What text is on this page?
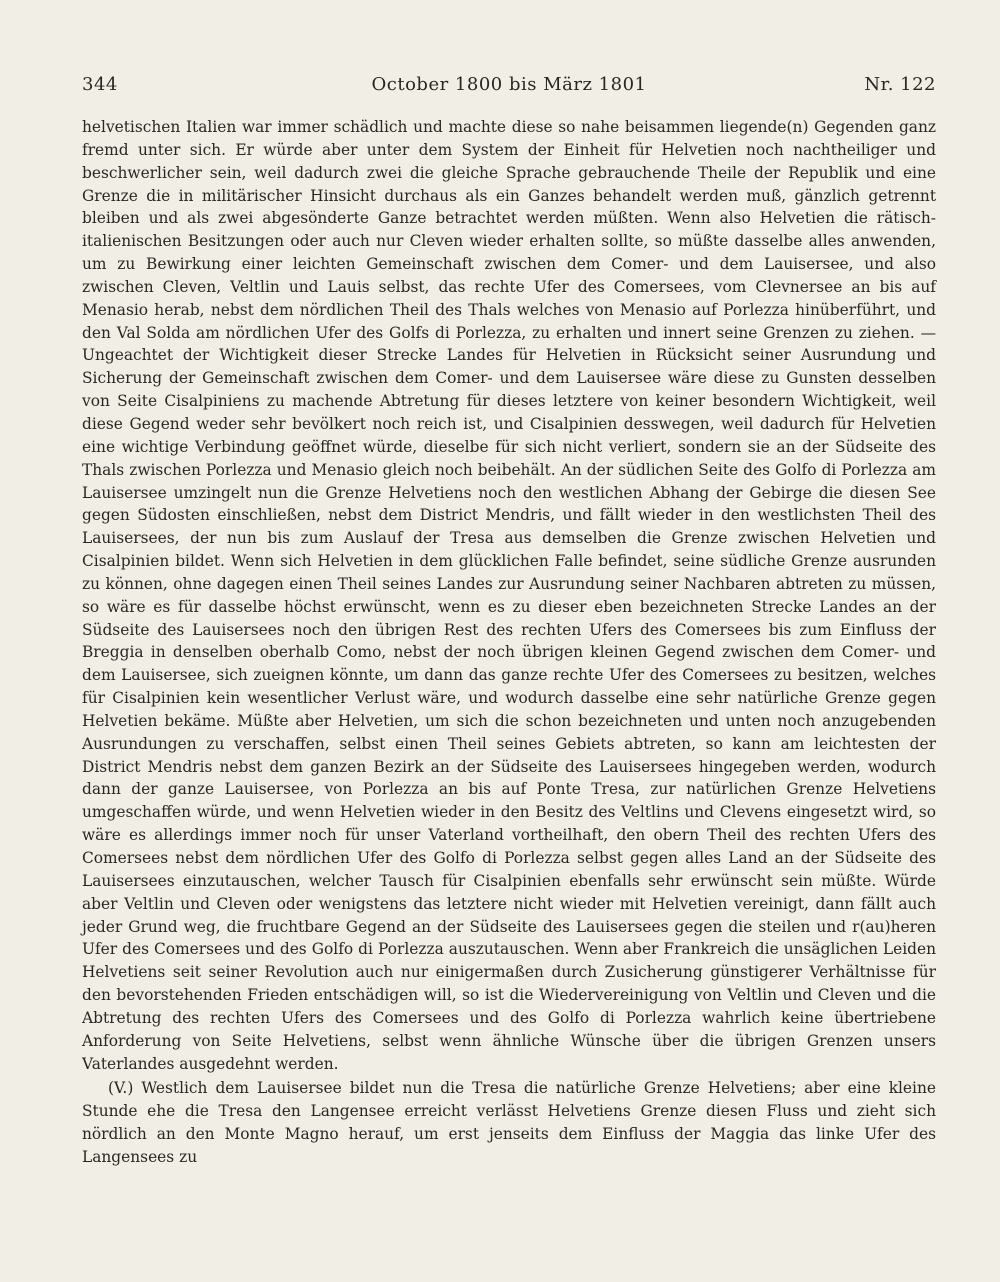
344	October 1800 bis März 1801	Nr. 122

helvetischen Italien war immer schädlich und machte diese so nahe beisammen liegende(n) Gegenden ganz fremd unter sich. Er würde aber unter dem System der Einheit für Helvetien noch nachtheiliger und beschwerlicher sein, weil dadurch zwei die gleiche Sprache gebrauchende Theile der Republik und eine Grenze die in militärischer Hinsicht durchaus als ein Ganzes behandelt werden muß, gänzlich getrennt bleiben und als zwei abgesönderte Ganze betrachtet werden müßten. Wenn also Helvetien die rätisch-italienischen Besitzungen oder auch nur Cleven wieder erhalten sollte, so müßte dasselbe alles anwenden, um zu Bewirkung einer leichten Gemeinschaft zwischen dem Comer- und dem Lauisersee, und also zwischen Cleven, Veltlin und Lauis selbst, das rechte Ufer des Comersees, vom Clevnersee an bis auf Menasio herab, nebst dem nördlichen Theil des Thals welches von Menasio auf Porlezza hinüberführt, und den Val Solda am nördlichen Ufer des Golfs di Porlezza, zu erhalten und innert seine Grenzen zu ziehen. — Ungeachtet der Wichtigkeit dieser Strecke Landes für Helvetien in Rücksicht seiner Ausrundung und Sicherung der Gemeinschaft zwischen dem Comer- und dem Lauisersee wäre diese zu Gunsten desselben von Seite Cisalpiniens zu machende Abtretung für dieses letztere von keiner besondern Wichtigkeit, weil diese Gegend weder sehr bevölkert noch reich ist, und Cisalpinien desswegen, weil dadurch für Helvetien eine wichtige Verbindung geöffnet würde, dieselbe für sich nicht verliert, sondern sie an der Südseite des Thals zwischen Porlezza und Menasio gleich noch beibehält. An der südlichen Seite des Golfo di Porlezza am Lauisersee umzingelt nun die Grenze Helvetiens noch den westlichen Abhang der Gebirge die diesen See gegen Südosten einschließen, nebst dem District Mendris, und fällt wieder in den westlichsten Theil des Lauisersees, der nun bis zum Auslauf der Tresa aus demselben die Grenze zwischen Helvetien und Cisalpinien bildet. Wenn sich Helvetien in dem glücklichen Falle befindet, seine südliche Grenze ausrunden zu können, ohne dagegen einen Theil seines Landes zur Ausrundung seiner Nachbaren abtreten zu müssen, so wäre es für dasselbe höchst erwünscht, wenn es zu dieser eben bezeichneten Strecke Landes an der Südseite des Lauisersees noch den übrigen Rest des rechten Ufers des Comersees bis zum Einfluss der Breggia in denselben oberhalb Como, nebst der noch übrigen kleinen Gegend zwischen dem Comer- und dem Lauisersee, sich zueignen könnte, um dann das ganze rechte Ufer des Comersees zu besitzen, welches für Cisalpinien kein wesentlicher Verlust wäre, und wodurch dasselbe eine sehr natürliche Grenze gegen Helvetien bekäme. Müßte aber Helvetien, um sich die schon bezeichneten und unten noch anzugebenden Ausrundungen zu verschaffen, selbst einen Theil seines Gebiets abtreten, so kann am leichtesten der District Mendris nebst dem ganzen Bezirk an der Südseite des Lauisersees hingegeben werden, wodurch dann der ganze Lauisersee, von Porlezza an bis auf Ponte Tresa, zur natürlichen Grenze Helvetiens umgeschaffen würde, und wenn Helvetien wieder in den Besitz des Veltlins und Clevens eingesetzt wird, so wäre es allerdings immer noch für unser Vaterland vortheilhaft, den obern Theil des rechten Ufers des Comersees nebst dem nördlichen Ufer des Golfo di Porlezza selbst gegen alles Land an der Südseite des Lauisersees einzutauschen, welcher Tausch für Cisalpinien ebenfalls sehr erwünscht sein müßte. Würde aber Veltlin und Cleven oder wenigstens das letztere nicht wieder mit Helvetien vereinigt, dann fällt auch jeder Grund weg, die fruchtbare Gegend an der Südseite des Lauisersees gegen die steilen und r(au)heren Ufer des Comersees und des Golfo di Porlezza auszutauschen. Wenn aber Frankreich die unsäglichen Leiden Helvetiens seit seiner Revolution auch nur einigermaßen durch Zusicherung günstigerer Verhältnisse für den bevorstehenden Frieden entschädigen will, so ist die Wiedervereinigung von Veltlin und Cleven und die Abtretung des rechten Ufers des Comersees und des Golfo di Porlezza wahrlich keine übertriebene Anforderung von Seite Helvetiens, selbst wenn ähnliche Wünsche über die übrigen Grenzen unsers Vaterlandes ausgedehnt werden.

(V.) Westlich dem Lauisersee bildet nun die Tresa die natürliche Grenze Helvetiens; aber eine kleine Stunde ehe die Tresa den Langensee erreicht verlässt Helvetiens Grenze diesen Fluss und zieht sich nördlich an den Monte Magno herauf, um erst jenseits dem Einfluss der Maggia das linke Ufer des Langensees zu
